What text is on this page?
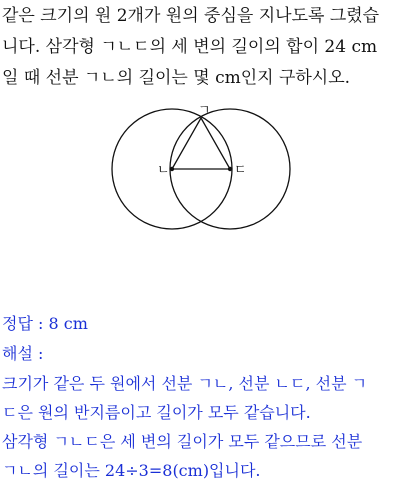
같은 크기의 원 2개가 원의 중심을 지나도록 그렸습
니다. 삼각형 ㄱㄴㄷ의 세 변의 길이의 합이 24 cm
일 때 선분 ㄱㄴ의 길이는 몇 cm인지 구하시오.
ㄱ
ㄴ	ㄷ
정답 : 8 cm
해설 :
크기가 같은 두 원에서 선분 ㄱㄴ, 선분 ㄴㄷ, 선분 ㄱ
ㄷ은 원의 반지름이고 길이가 모두 같습니다.
삼각형 ㄱㄴㄷ은 세 변의 길이가 모두 같으므로 선분
ㄱㄴ의 길이는 24÷3=8(cm)입니다.
